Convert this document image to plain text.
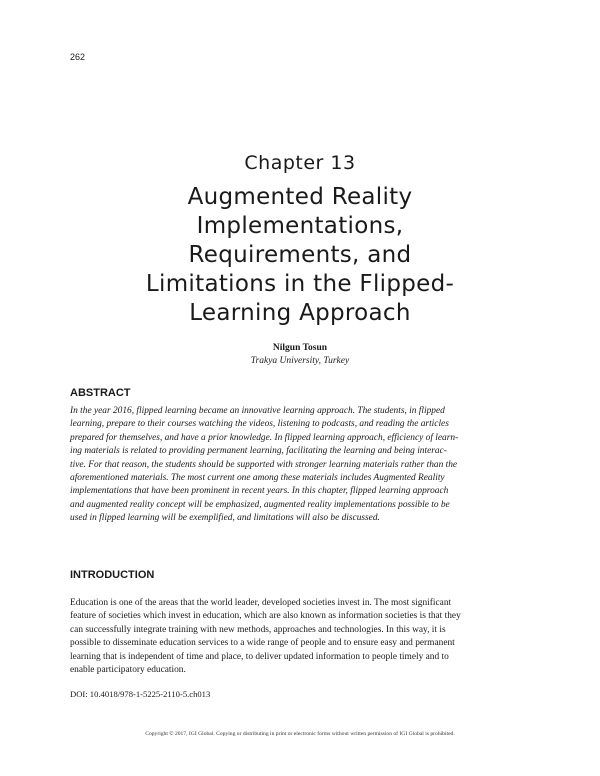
262
Chapter 13
Augmented Reality
Implementations,
Requirements, and
Limitations in the Flipped-
Learning Approach
Nilgun Tosun
Trakya University, Turkey
ABSTRACT
In the year 2016, flipped learning became an innovative learning approach. The students, in flipped
learning, prepare to their courses watching the videos, listening to podcasts, and reading the articles
prepared for themselves, and have a prior knowledge. In flipped learning approach, efficiency of learn-
ing materials is related to providing permanent learning, facilitating the learning and being interac-
tive. For that reason, the students should be supported with stronger learning materials rather than the
aforementioned materials. The most current one among these materials includes Augmented Reality
implementations that have been prominent in recent years. In this chapter, flipped learning approach
and augmented reality concept will be emphasized, augmented reality implementations possible to be
used in flipped learning will be exemplified, and limitations will also be discussed.
INTRODUCTION
Education is one of the areas that the world leader, developed societies invest in. The most significant
feature of societies which invest in education, which are also known as information societies is that they
can successfully integrate training with new methods, approaches and technologies. In this way, it is
possible to disseminate education services to a wide range of people and to ensure easy and permanent
learning that is independent of time and place, to deliver updated information to people timely and to
enable participatory education.
DOI: 10.4018/978-1-5225-2110-5.ch013
Copyright © 2017, IGI Global. Copying or distributing in print or electronic forms without written permission of IGI Global is prohibited.
